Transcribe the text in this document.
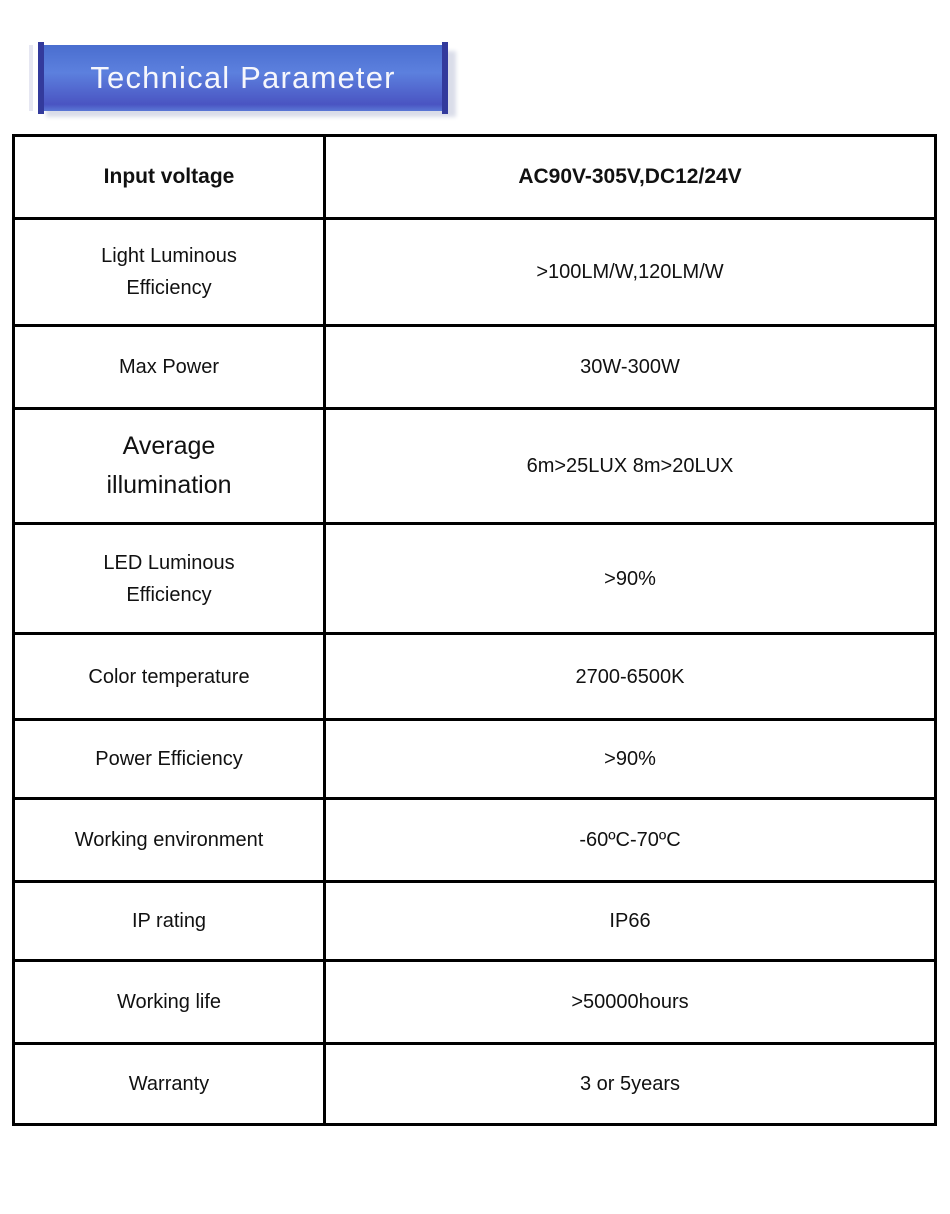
Technical Parameter
Input voltage	AC90V-305V,DC12/24V
Light Luminous Efficiency	>100LM/W,120LM/W
Max Power	30W-300W
Average illumination	6m>25LUX 8m>20LUX
LED Luminous Efficiency	>90%
Color temperature	2700-6500K
Power Efficiency	>90%
Working environment	-60ºC-70ºC
IP rating	IP66
Working life	>50000hours
Warranty	3 or 5years
